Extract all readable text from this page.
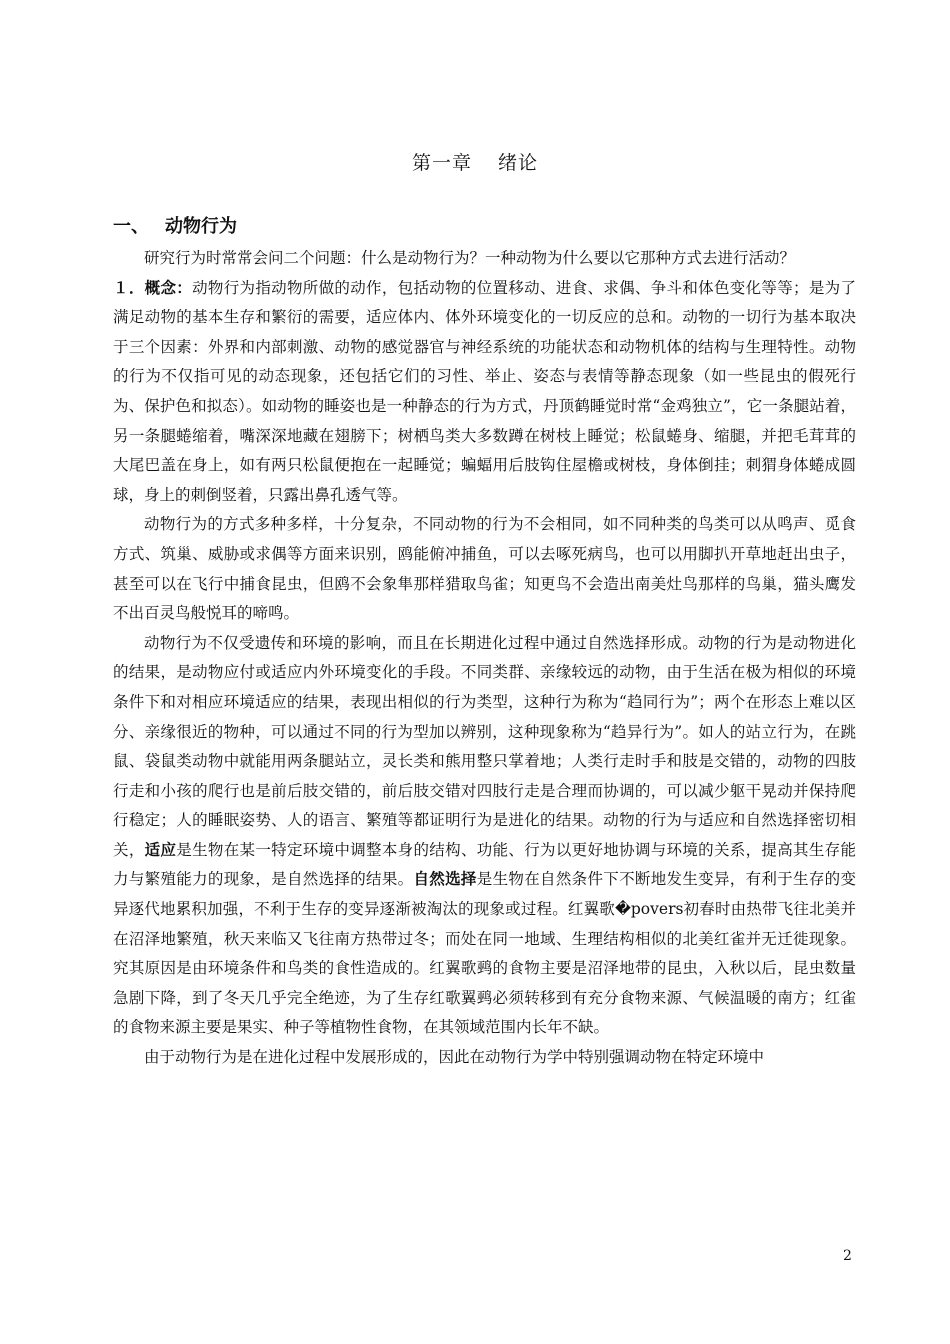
第一章 绪论
一、 动物行为

研究行为时常常会问二个问题：什么是动物行为？一种动物为什么要以它那种方式去进行活动？

１．概念：动物行为指动物所做的动作，包括动物的位置移动、进食、求偶、争斗和体色变化等等；是为了满足动物的基本生存和繁衍的需要，适应体内、体外环境变化的一切反应的总和。动物的一切行为基本取决于三个因素：外界和内部刺激、动物的感觉器官与神经系统的功能状态和动物机体的结构与生理特性。动物的行为不仅指可见的动态现象，还包括它们的习性、举止、姿态与表情等静态现象（如一些昆虫的假死行为、保护色和拟态）。如动物的睡姿也是一种静态的行为方式，丹顶鹤睡觉时常“金鸡独立”，它一条腿站着，另一条腿蜷缩着，嘴深深地藏在翅膀下；树栖鸟类大多数蹲在树枝上睡觉；松鼠蜷身、缩腿，并把毛茸茸的大尾巴盖在身上，如有两只松鼠便抱在一起睡觉；蝙蝠用后肢钩住屋檐或树枝，身体倒挂；刺猬身体蜷成圆球，身上的刺倒竖着，只露出鼻孔透气等。

动物行为的方式多种多样，十分复杂，不同动物的行为不会相同，如不同种类的鸟类可以从鸣声、觅食方式、筑巢、威胁或求偶等方面来识别，鸥能俯冲捕鱼，可以去啄死病鸟，也可以用脚扒开草地赶出虫子，甚至可以在飞行中捕食昆虫，但鸥不会象隼那样猎取鸟雀；知更鸟不会造出南美灶鸟那样的鸟巢，猫头鹰发不出百灵鸟般悦耳的啼鸣。

动物行为不仅受遗传和环境的影响，而且在长期进化过程中通过自然选择形成。动物的行为是动物进化的结果，是动物应付或适应内外环境变化的手段。不同类群、亲缘较远的动物，由于生活在极为相似的环境条件下和对相应环境适应的结果，表现出相似的行为类型，这种行为称为“趋同行为”；两个在形态上难以区分、亲缘很近的物种，可以通过不同的行为型加以辨别，这种现象称为“趋异行为”。如人的站立行为，在跳鼠、袋鼠类动物中就能用两条腿站立，灵长类和熊用整只掌着地；人类行走时手和肢是交错的，动物的四肢行走和小孩的爬行也是前后肢交错的，前后肢交错对四肢行走是合理而协调的，可以减少躯干晃动并保持爬行稳定；人的睡眠姿势、人的语言、繁殖等都证明行为是进化的结果。动物的行为与适应和自然选择密切相关，适应是生物在某一特定环境中调整本身的结构、功能、行为以更好地协调与环境的关系，提高其生存能力与繁殖能力的现象，是自然选择的结果。自然选择是生物在自然条件下不断地发生变异，有利于生存的变异逐代地累积加强，不利于生存的变异逐渐被淘汰的现象或过程。红翼歌�povers初春时由热带飞往北美并在沼泽地繁殖，秋天来临又飞往南方热带过冬；而处在同一地域、生理结构相似的北美红雀并无迁徙现象。究其原因是由环境条件和鸟类的食性造成的。红翼歌鹀的食物主要是沼泽地带的昆虫，入秋以后，昆虫数量急剧下降，到了冬天几乎完全绝迹，为了生存红歌翼鹀必须转移到有充分食物来源、气候温暖的南方；红雀的食物来源主要是果实、种子等植物性食物，在其领域范围内长年不缺。

由于动物行为是在进化过程中发展形成的，因此在动物行为学中特别强调动物在特定环境中

2
